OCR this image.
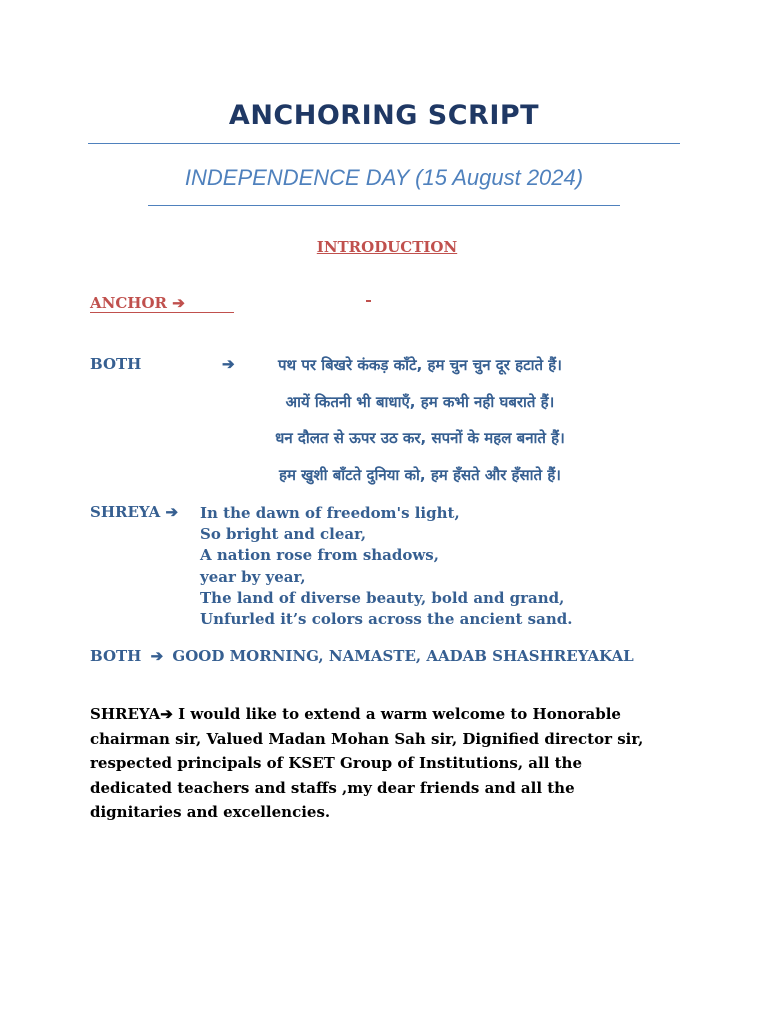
ANCHORING SCRIPT
INDEPENDENCE DAY (15 August 2024)
INTRODUCTION
ANCHOR ➔
BOTH	➔	पथ पर बिखरे कंकड़ काँटे, हम चुन चुन दूर हटाते हैं।
आयें कितनी भी बाधाएँ, हम कभी नही घबराते हैं।
धन दौलत से ऊपर उठ कर, सपनों के महल बनाते हैं।
हम खुशी बाँटते दुनिया को, हम हँसते और हँसाते हैं।
SHREYA ➔ In the dawn of freedom's light,
So bright and clear,
A nation rose from shadows,
year by year,
The land of diverse beauty, bold and grand,
Unfurled it’s colors across the ancient sand.
BOTH ➔ GOOD MORNING, NAMASTE, AADAB SHASHREYAKAL
SHREYA➔ I would like to extend a warm welcome to Honorable chairman sir, Valued Madan Mohan Sah sir, Dignified director sir, respected principals of KSET Group of Institutions, all the dedicated teachers and staffs ,my dear friends and all the dignitaries and excellencies.
